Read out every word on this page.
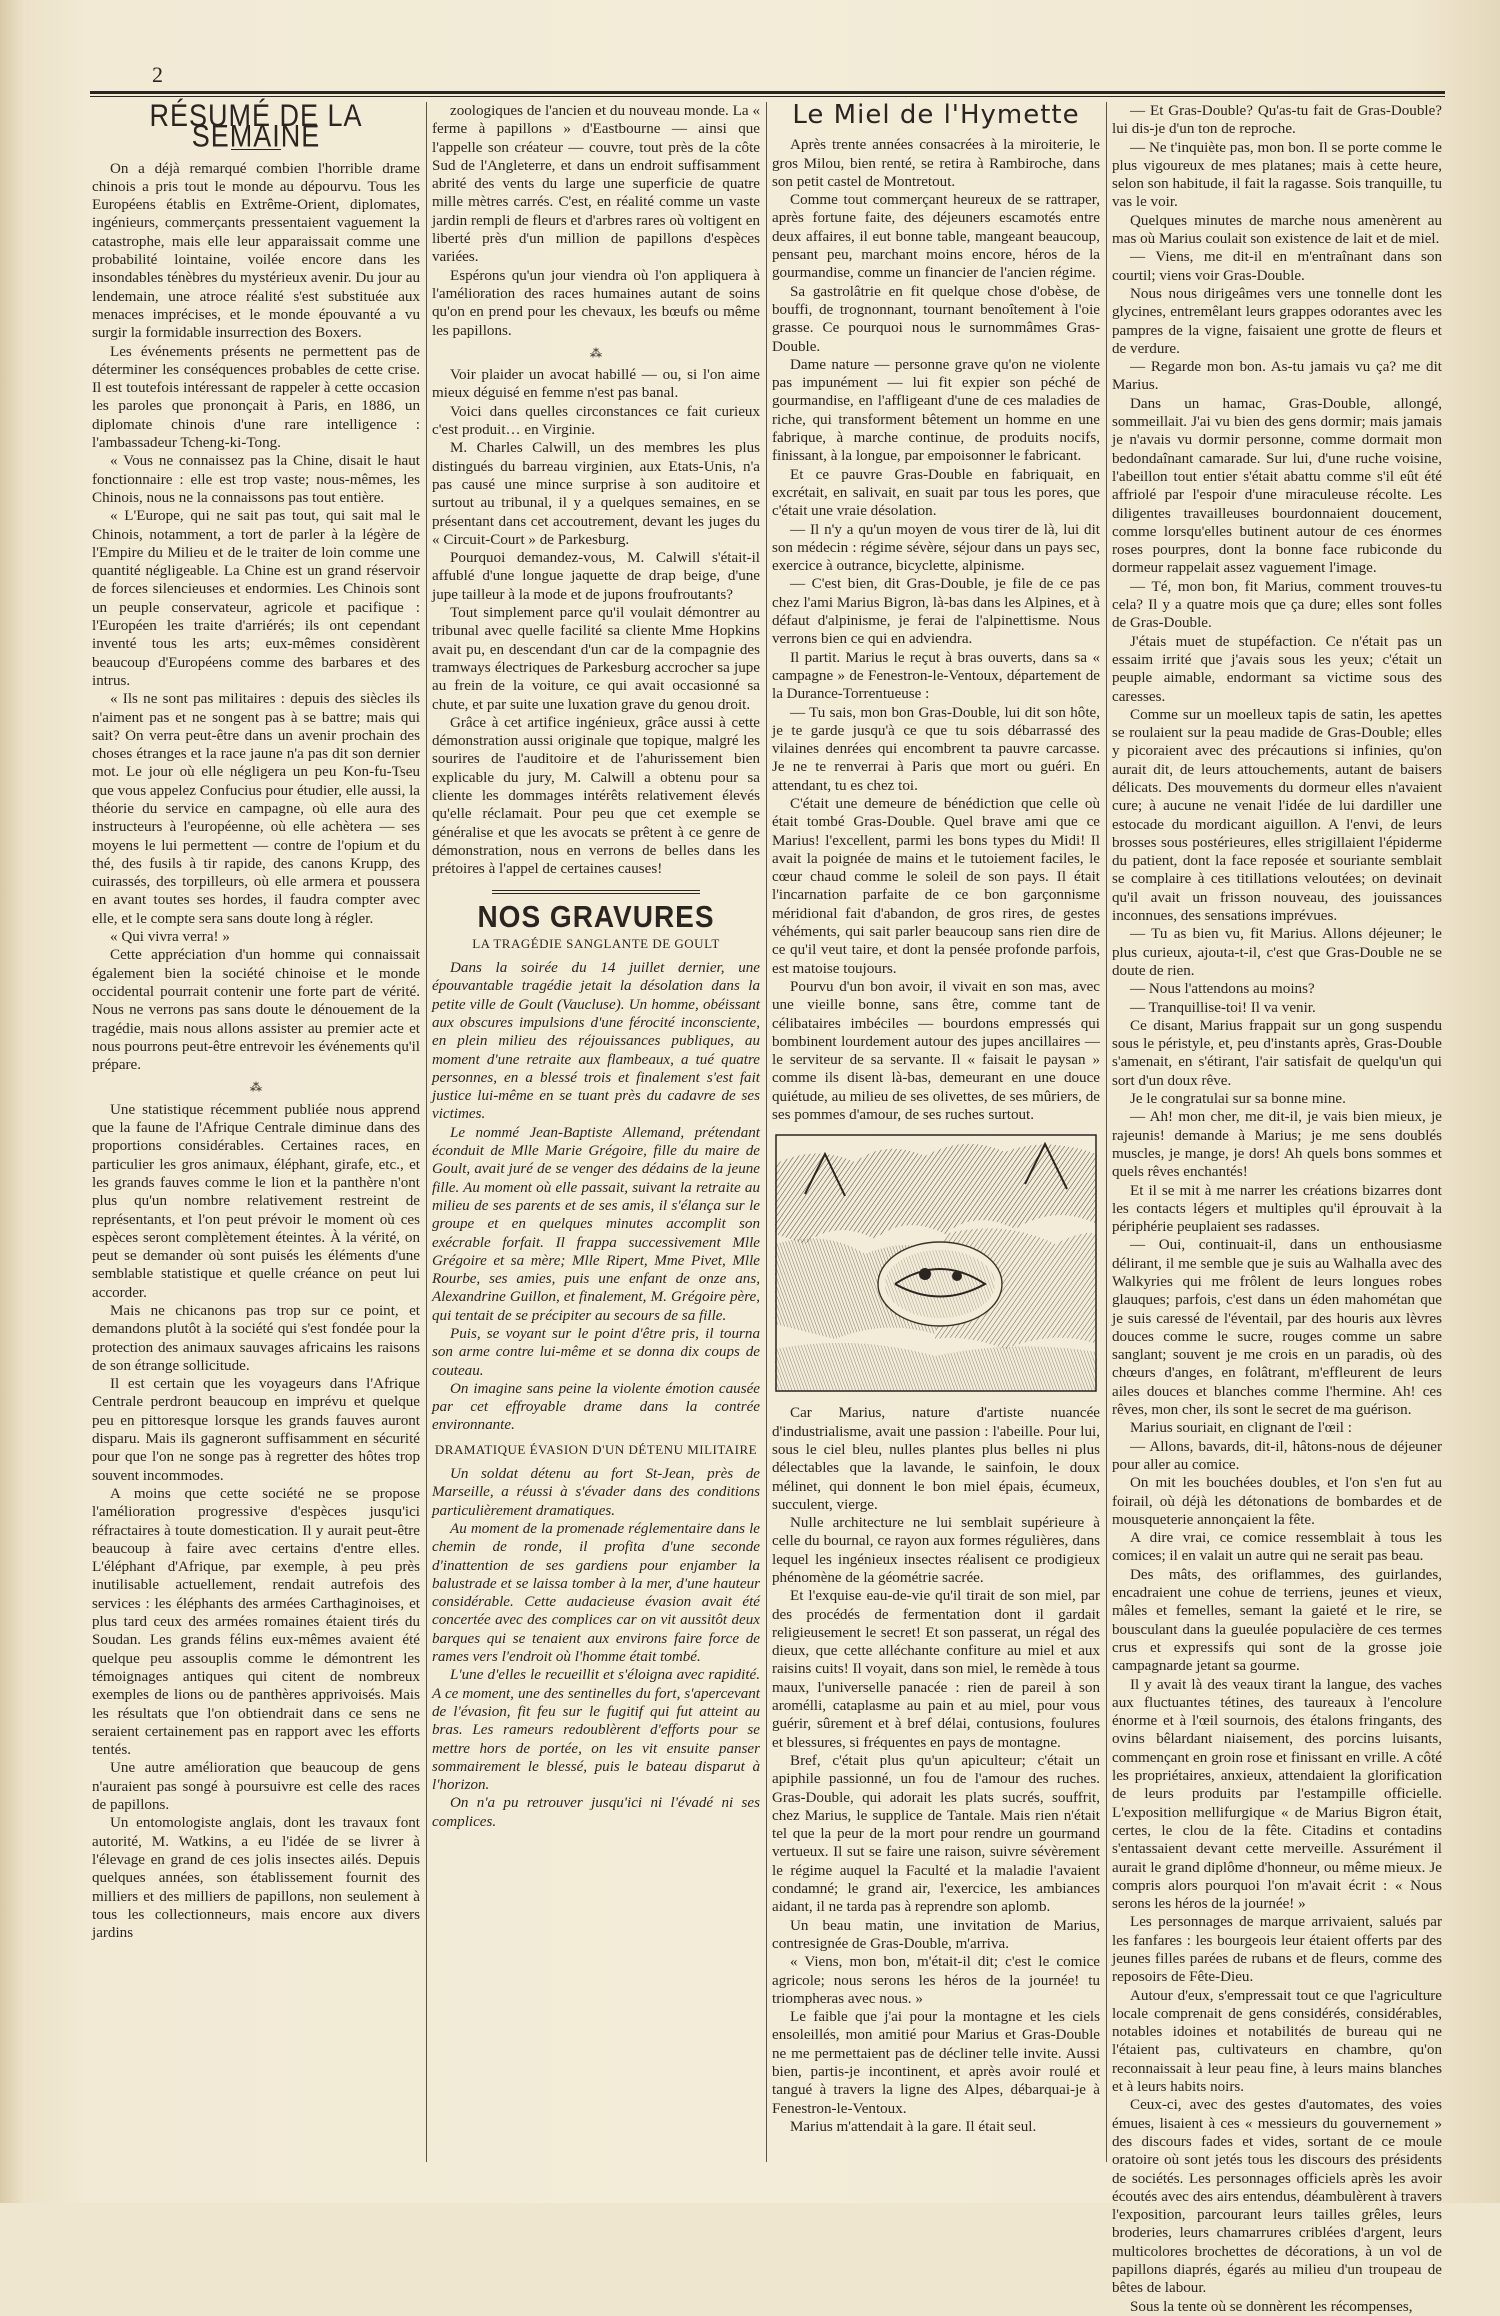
2
RÉSUMÉ DE LA SEMAINE

On a déjà remarqué combien l'horrible drame chinois a pris tout le monde au dépourvu. Tous les Européens établis en Extrême-Orient, diplomates, ingénieurs, commerçants pressentaient vaguement la catastrophe, mais elle leur apparaissait comme une probabilité lointaine, voilée encore dans les insondables ténèbres du mystérieux avenir. Du jour au lendemain, une atroce réalité s'est substituée aux menaces imprécises, et le monde épouvanté a vu surgir la formidable insurrection des Boxers.

Les événements présents ne permettent pas de déterminer les conséquences probables de cette crise. Il est toutefois intéressant de rappeler à cette occasion les paroles que prononçait à Paris, en 1886, un diplomate chinois d'une rare intelligence : l'ambassadeur Tcheng-ki-Tong.

« Vous ne connaissez pas la Chine, disait le haut fonctionnaire : elle est trop vaste; nous-mêmes, les Chinois, nous ne la connaissons pas tout entière.

« L'Europe, qui ne sait pas tout, qui sait mal le Chinois, notamment, a tort de parler à la légère de l'Empire du Milieu et de le traiter de loin comme une quantité négligeable. La Chine est un grand réservoir de forces silencieuses et endormies. Les Chinois sont un peuple conservateur, agricole et pacifique : l'Européen les traite d'arriérés; ils ont cependant inventé tous les arts; eux-mêmes considèrent beaucoup d'Européens comme des barbares et des intrus.

« Ils ne sont pas militaires : depuis des siècles ils n'aiment pas et ne songent pas à se battre; mais qui sait? On verra peut-être dans un avenir prochain des choses étranges et la race jaune n'a pas dit son dernier mot. Le jour où elle négligera un peu Kon-fu-Tseu que vous appelez Confucius pour étudier, elle aussi, la théorie du service en campagne, où elle aura des instructeurs à l'européenne, où elle achètera — ses moyens le lui permettent — contre de l'opium et du thé, des fusils à tir rapide, des canons Krupp, des cuirassés, des torpilleurs, où elle armera et poussera en avant toutes ses hordes, il faudra compter avec elle, et le compte sera sans doute long à régler.

« Qui vivra verra! »

Cette appréciation d'un homme qui connaissait également bien la société chinoise et le monde occidental pourrait contenir une forte part de vérité. Nous ne verrons pas sans doute le dénouement de la tragédie, mais nous allons assister au premier acte et nous pourrons peut-être entrevoir les événements qu'il prépare.

⁂

Une statistique récemment publiée nous apprend que la faune de l'Afrique Centrale diminue dans des proportions considérables. Certaines races, en particulier les gros animaux, éléphant, girafe, etc., et les grands fauves comme le lion et la panthère n'ont plus qu'un nombre relativement restreint de représentants, et l'on peut prévoir le moment où ces espèces seront complètement éteintes. À la vérité, on peut se demander où sont puisés les éléments d'une semblable statistique et quelle créance on peut lui accorder.

Mais ne chicanons pas trop sur ce point, et demandons plutôt à la société qui s'est fondée pour la protection des animaux sauvages africains les raisons de son étrange sollicitude.

Il est certain que les voyageurs dans l'Afrique Centrale perdront beaucoup en imprévu et quelque peu en pittoresque lorsque les grands fauves auront disparu. Mais ils gagneront suffisamment en sécurité pour que l'on ne songe pas à regretter des hôtes trop souvent incommodes.

A moins que cette société ne se propose l'amélioration progressive d'espèces jusqu'ici réfractaires à toute domestication. Il y aurait peut-être beaucoup à faire avec certains d'entre elles. L'éléphant d'Afrique, par exemple, à peu près inutilisable actuellement, rendait autrefois des services : les éléphants des armées Carthaginoises, et plus tard ceux des armées romaines étaient tirés du Soudan. Les grands félins eux-mêmes avaient été quelque peu assouplis comme le démontrent les témoignages antiques qui citent de nombreux exemples de lions ou de panthères apprivoisés. Mais les résultats que l'on obtiendrait dans ce sens ne seraient certainement pas en rapport avec les efforts tentés.

Une autre amélioration que beaucoup de gens n'auraient pas songé à poursuivre est celle des races de papillons.

Un entomologiste anglais, dont les travaux font autorité, M. Watkins, a eu l'idée de se livrer à l'élevage en grand de ces jolis insectes ailés. Depuis quelques années, son établissement fournit des milliers et des milliers de papillons, non seulement à tous les collectionneurs, mais encore aux divers jardins

zoologiques de l'ancien et du nouveau monde. La « ferme à papillons » d'Eastbourne — ainsi que l'appelle son créateur — couvre, tout près de la côte Sud de l'Angleterre, et dans un endroit suffisamment abrité des vents du large une superficie de quatre mille mètres carrés. C'est, en réalité comme un vaste jardin rempli de fleurs et d'arbres rares où voltigent en liberté près d'un million de papillons d'espèces variées.

Espérons qu'un jour viendra où l'on appliquera à l'amélioration des races humaines autant de soins qu'on en prend pour les chevaux, les bœufs ou même les papillons.

⁂

Voir plaider un avocat habillé — ou, si l'on aime mieux déguisé en femme n'est pas banal.

Voici dans quelles circonstances ce fait curieux c'est produit… en Virginie.

M. Charles Calwill, un des membres les plus distingués du barreau virginien, aux Etats-Unis, n'a pas causé une mince surprise à son auditoire et surtout au tribunal, il y a quelques semaines, en se présentant dans cet accoutrement, devant les juges du « Circuit-Court » de Parkesburg.

Pourquoi demandez-vous, M. Calwill s'était-il affublé d'une longue jaquette de drap beige, d'une jupe tailleur à la mode et de jupons froufroutants?

Tout simplement parce qu'il voulait démontrer au tribunal avec quelle facilité sa cliente Mme Hopkins avait pu, en descendant d'un car de la compagnie des tramways électriques de Parkesburg accrocher sa jupe au frein de la voiture, ce qui avait occasionné sa chute, et par suite une luxation grave du genou droit.

Grâce à cet artifice ingénieux, grâce aussi à cette démonstration aussi originale que topique, malgré les sourires de l'auditoire et de l'ahurissement bien explicable du jury, M. Calwill a obtenu pour sa cliente les dommages intérêts relativement élevés qu'elle réclamait. Pour peu que cet exemple se généralise et que les avocats se prêtent à ce genre de démonstration, nous en verrons de belles dans les prétoires à l'appel de certaines causes!

NOS GRAVURES
LA TRAGÉDIE SANGLANTE DE GOULT

Dans la soirée du 14 juillet dernier, une épouvantable tragédie jetait la désolation dans la petite ville de Goult (Vaucluse). Un homme, obéissant aux obscures impulsions d'une férocité inconsciente, en plein milieu des réjouissances publiques, au moment d'une retraite aux flambeaux, a tué quatre personnes, en a blessé trois et finalement s'est fait justice lui-même en se tuant près du cadavre de ses victimes.

Le nommé Jean-Baptiste Allemand, prétendant éconduit de Mlle Marie Grégoire, fille du maire de Goult, avait juré de se venger des dédains de la jeune fille. Au moment où elle passait, suivant la retraite au milieu de ses parents et de ses amis, il s'élança sur le groupe et en quelques minutes accomplit son exécrable forfait. Il frappa successivement Mlle Grégoire et sa mère; Mlle Ripert, Mme Pivet, Mlle Rourbe, ses amies, puis une enfant de onze ans, Alexandrine Guillon, et finalement, M. Grégoire père, qui tentait de se précipiter au secours de sa fille.

Puis, se voyant sur le point d'être pris, il tourna son arme contre lui-même et se donna dix coups de couteau.

On imagine sans peine la violente émotion causée par cet effroyable drame dans la contrée environnante.

DRAMATIQUE ÉVASION D'UN DÉTENU MILITAIRE

Un soldat détenu au fort St-Jean, près de Marseille, a réussi à s'évader dans des conditions particulièrement dramatiques.

Au moment de la promenade réglementaire dans le chemin de ronde, il profita d'une seconde d'inattention de ses gardiens pour enjamber la balustrade et se laissa tomber à la mer, d'une hauteur considérable. Cette audacieuse évasion avait été concertée avec des complices car on vit aussitôt deux barques qui se tenaient aux environs faire force de rames vers l'endroit où l'homme était tombé.

L'une d'elles le recueillit et s'éloigna avec rapidité. A ce moment, une des sentinelles du fort, s'apercevant de l'évasion, fit feu sur le fugitif qui fut atteint au bras. Les rameurs redoublèrent d'efforts pour se mettre hors de portée, on les vit ensuite panser sommairement le blessé, puis le bateau disparut à l'horizon.

On n'a pu retrouver jusqu'ici ni l'évadé ni ses complices.

Le Miel de l'Hymette

Après trente années consacrées à la miroiterie, le gros Milou, bien renté, se retira à Rambiroche, dans son petit castel de Montretout.

Comme tout commerçant heureux de se rattraper, après fortune faite, des déjeuners escamotés entre deux affaires, il eut bonne table, mangeant beaucoup, pensant peu, marchant moins encore, héros de la gourmandise, comme un financier de l'ancien régime.

Sa gastrolâtrie en fit quelque chose d'obèse, de bouffi, de trognonnant, tournant benoîtement à l'oie grasse. Ce pourquoi nous le surnommâmes Gras-Double.

Dame nature — personne grave qu'on ne violente pas impunément — lui fit expier son péché de gourmandise, en l'affligeant d'une de ces maladies de riche, qui transforment bêtement un homme en une fabrique, à marche continue, de produits nocifs, finissant, à la longue, par empoisonner le fabricant.

Et ce pauvre Gras-Double en fabriquait, en excrétait, en salivait, en suait par tous les pores, que c'était une vraie désolation.

— Il n'y a qu'un moyen de vous tirer de là, lui dit son médecin : régime sévère, séjour dans un pays sec, exercice à outrance, bicyclette, alpinisme.

— C'est bien, dit Gras-Double, je file de ce pas chez l'ami Marius Bigron, là-bas dans les Alpines, et à défaut d'alpinisme, je ferai de l'alpinettisme. Nous verrons bien ce qui en adviendra.

Il partit. Marius le reçut à bras ouverts, dans sa « campagne » de Fenestron-le-Ventoux, département de la Durance-Torrentueuse :

— Tu sais, mon bon Gras-Double, lui dit son hôte, je te garde jusqu'à ce que tu sois débarrassé des vilaines denrées qui encombrent ta pauvre carcasse. Je ne te renverrai à Paris que mort ou guéri. En attendant, tu es chez toi.

C'était une demeure de bénédiction que celle où était tombé Gras-Double. Quel brave ami que ce Marius! l'excellent, parmi les bons types du Midi! Il avait la poignée de mains et le tutoiement faciles, le cœur chaud comme le soleil de son pays. Il était l'incarnation parfaite de ce bon garçonnisme méridional fait d'abandon, de gros rires, de gestes véhéments, qui sait parler beaucoup sans rien dire de ce qu'il veut taire, et dont la pensée profonde parfois, est matoise toujours.

Pourvu d'un bon avoir, il vivait en son mas, avec une vieille bonne, sans être, comme tant de célibataires imbéciles — bourdons empressés qui bombinent lourdement autour des jupes ancillaires — le serviteur de sa servante. Il « faisait le paysan » comme ils disent là-bas, demeurant en une douce quiétude, au milieu de ses olivettes, de ses mûriers, de ses pommes d'amour, de ses ruches surtout.

Car Marius, nature d'artiste nuancée d'industrialisme, avait une passion : l'abeille. Pour lui, sous le ciel bleu, nulles plantes plus belles ni plus délectables que la lavande, le sainfoin, le doux mélinet, qui donnent le bon miel épais, écumeux, succulent, vierge.

Nulle architecture ne lui semblait supérieure à celle du bournal, ce rayon aux formes régulières, dans lequel les ingénieux insectes réalisent ce prodigieux phénomène de la géométrie sacrée.

Et l'exquise eau-de-vie qu'il tirait de son miel, par des procédés de fermentation dont il gardait religieusement le secret! Et son passerat, un régal des dieux, que cette alléchante confiture au miel et aux raisins cuits! Il voyait, dans son miel, le remède à tous maux, l'universelle panacée : rien de pareil à son aromélli, cataplasme au pain et au miel, pour vous guérir, sûrement et à bref délai, contusions, foulures et blessures, si fréquentes en pays de montagne.

Bref, c'était plus qu'un apiculteur; c'était un apiphile passionné, un fou de l'amour des ruches. Gras-Double, qui adorait les plats sucrés, souffrit, chez Marius, le supplice de Tantale. Mais rien n'était tel que la peur de la mort pour rendre un gourmand vertueux. Il sut se faire une raison, suivre sévèrement le régime auquel la Faculté et la maladie l'avaient condamné; le grand air, l'exercice, les ambiances aidant, il ne tarda pas à reprendre son aplomb.

Un beau matin, une invitation de Marius, contresignée de Gras-Double, m'arriva.

« Viens, mon bon, m'était-il dit; c'est le comice agricole; nous serons les héros de la journée! tu triompheras avec nous. »

Le faible que j'ai pour la montagne et les ciels ensoleillés, mon amitié pour Marius et Gras-Double ne me permettaient pas de décliner telle invite. Aussi bien, partis-je incontinent, et après avoir roulé et tangué à travers la ligne des Alpes, débarquai-je à Fenestron-le-Ventoux.

Marius m'attendait à la gare. Il était seul.

— Et Gras-Double? Qu'as-tu fait de Gras-Double? lui dis-je d'un ton de reproche.

— Ne t'inquiète pas, mon bon. Il se porte comme le plus vigoureux de mes platanes; mais à cette heure, selon son habitude, il fait la ragasse. Sois tranquille, tu vas le voir.

Quelques minutes de marche nous amenèrent au mas où Marius coulait son existence de lait et de miel.

— Viens, me dit-il en m'entraînant dans son courtil; viens voir Gras-Double.

Nous nous dirigeâmes vers une tonnelle dont les glycines, entremêlant leurs grappes odorantes avec les pampres de la vigne, faisaient une grotte de fleurs et de verdure.

— Regarde mon bon. As-tu jamais vu ça? me dit Marius.

Dans un hamac, Gras-Double, allongé, sommeillait. J'ai vu bien des gens dormir; mais jamais je n'avais vu dormir personne, comme dormait mon bedondaînant camarade. Sur lui, d'une ruche voisine, l'abeillon tout entier s'était abattu comme s'il eût été affriolé par l'espoir d'une miraculeuse récolte. Les diligentes travailleuses bourdonnaient doucement, comme lorsqu'elles butinent autour de ces énormes roses pourpres, dont la bonne face rubiconde du dormeur rappelait assez vaguement l'image.

— Té, mon bon, fit Marius, comment trouves-tu cela? Il y a quatre mois que ça dure; elles sont folles de Gras-Double.

J'étais muet de stupéfaction. Ce n'était pas un essaim irrité que j'avais sous les yeux; c'était un peuple aimable, endormant sa victime sous des caresses.

Comme sur un moelleux tapis de satin, les apettes se roulaient sur la peau madide de Gras-Double; elles y picoraient avec des précautions si infinies, qu'on aurait dit, de leurs attouchements, autant de baisers délicats. Des mouvements du dormeur elles n'avaient cure; à aucune ne venait l'idée de lui dardiller une estocade du mordicant aiguillon. A l'envi, de leurs brosses sous postérieures, elles strigillaient l'épiderme du patient, dont la face reposée et souriante semblait se complaire à ces titillations veloutées; on devinait qu'il avait un frisson nouveau, des jouissances inconnues, des sensations imprévues.

— Tu as bien vu, fit Marius. Allons déjeuner; le plus curieux, ajouta-t-il, c'est que Gras-Double ne se doute de rien.

— Nous l'attendons au moins?

— Tranquillise-toi! Il va venir.

Ce disant, Marius frappait sur un gong suspendu sous le péristyle, et, peu d'instants après, Gras-Double s'amenait, en s'étirant, l'air satisfait de quelqu'un qui sort d'un doux rêve.

Je le congratulai sur sa bonne mine.

— Ah! mon cher, me dit-il, je vais bien mieux, je rajeunis! demande à Marius; je me sens doublés muscles, je mange, je dors! Ah quels bons sommes et quels rêves enchantés!

Et il se mit à me narrer les créations bizarres dont les contacts légers et multiples qu'il éprouvait à la périphérie peuplaient ses radasses.

— Oui, continuait-il, dans un enthousiasme délirant, il me semble que je suis au Walhalla avec des Walkyries qui me frôlent de leurs longues robes glauques; parfois, c'est dans un éden mahométan que je suis caressé de l'éventail, par des houris aux lèvres douces comme le sucre, rouges comme un sabre sanglant; souvent je me crois en un paradis, où des chœurs d'anges, en folâtrant, m'effleurent de leurs ailes douces et blanches comme l'hermine. Ah! ces rêves, mon cher, ils sont le secret de ma guérison.

Marius souriait, en clignant de l'œil :

— Allons, bavards, dit-il, hâtons-nous de déjeuner pour aller au comice.

On mit les bouchées doubles, et l'on s'en fut au foirail, où déjà les détonations de bombardes et de mousqueterie annonçaient la fête.

A dire vrai, ce comice ressemblait à tous les comices; il en valait un autre qui ne serait pas beau.

Des mâts, des oriflammes, des guirlandes, encadraient une cohue de terriens, jeunes et vieux, mâles et femelles, semant la gaieté et le rire, se bousculant dans la gueulée populacière de ces termes crus et expressifs qui sont de la grosse joie campagnarde jetant sa gourme.

Il y avait là des veaux tirant la langue, des vaches aux fluctuantes tétines, des taureaux à l'encolure énorme et à l'œil sournois, des étalons fringants, des ovins bêlardant niaisement, des porcins luisants, commençant en groin rose et finissant en vrille. A côté les propriétaires, anxieux, attendaient la glorification de leurs produits par l'estampille officielle. L'exposition mellifurgique « de Marius Bigron était, certes, le clou de la fête. Citadins et contadins s'entassaient devant cette merveille. Assurément il aurait le grand diplôme d'honneur, ou même mieux. Je compris alors pourquoi l'on m'avait écrit : « Nous serons les héros de la journée! »

Les personnages de marque arrivaient, salués par les fanfares : les bourgeois leur étaient offerts par des jeunes filles parées de rubans et de fleurs, comme des reposoirs de Fête-Dieu.

Autour d'eux, s'empressait tout ce que l'agriculture locale comprenait de gens considérés, considérables, notables idoines et notabilités de bureau qui ne l'étaient pas, cultivateurs en chambre, qu'on reconnaissait à leur peau fine, à leurs mains blanches et à leurs habits noirs.

Ceux-ci, avec des gestes d'automates, des voies émues, lisaient à ces « messieurs du gouvernement » des discours fades et vides, sortant de ce moule oratoire où sont jetés tous les discours des présidents de sociétés. Les personnages officiels après les avoir écoutés avec des airs entendus, déambulèrent à travers l'exposition, parcourant leurs tailles grêles, leurs broderies, leurs chamarrures criblées d'argent, leurs multicolores brochettes de décorations, à un vol de papillons diaprés, égarés au milieu d'un troupeau de bêtes de labour.

Sous la tente où se donnèrent les récompenses,
